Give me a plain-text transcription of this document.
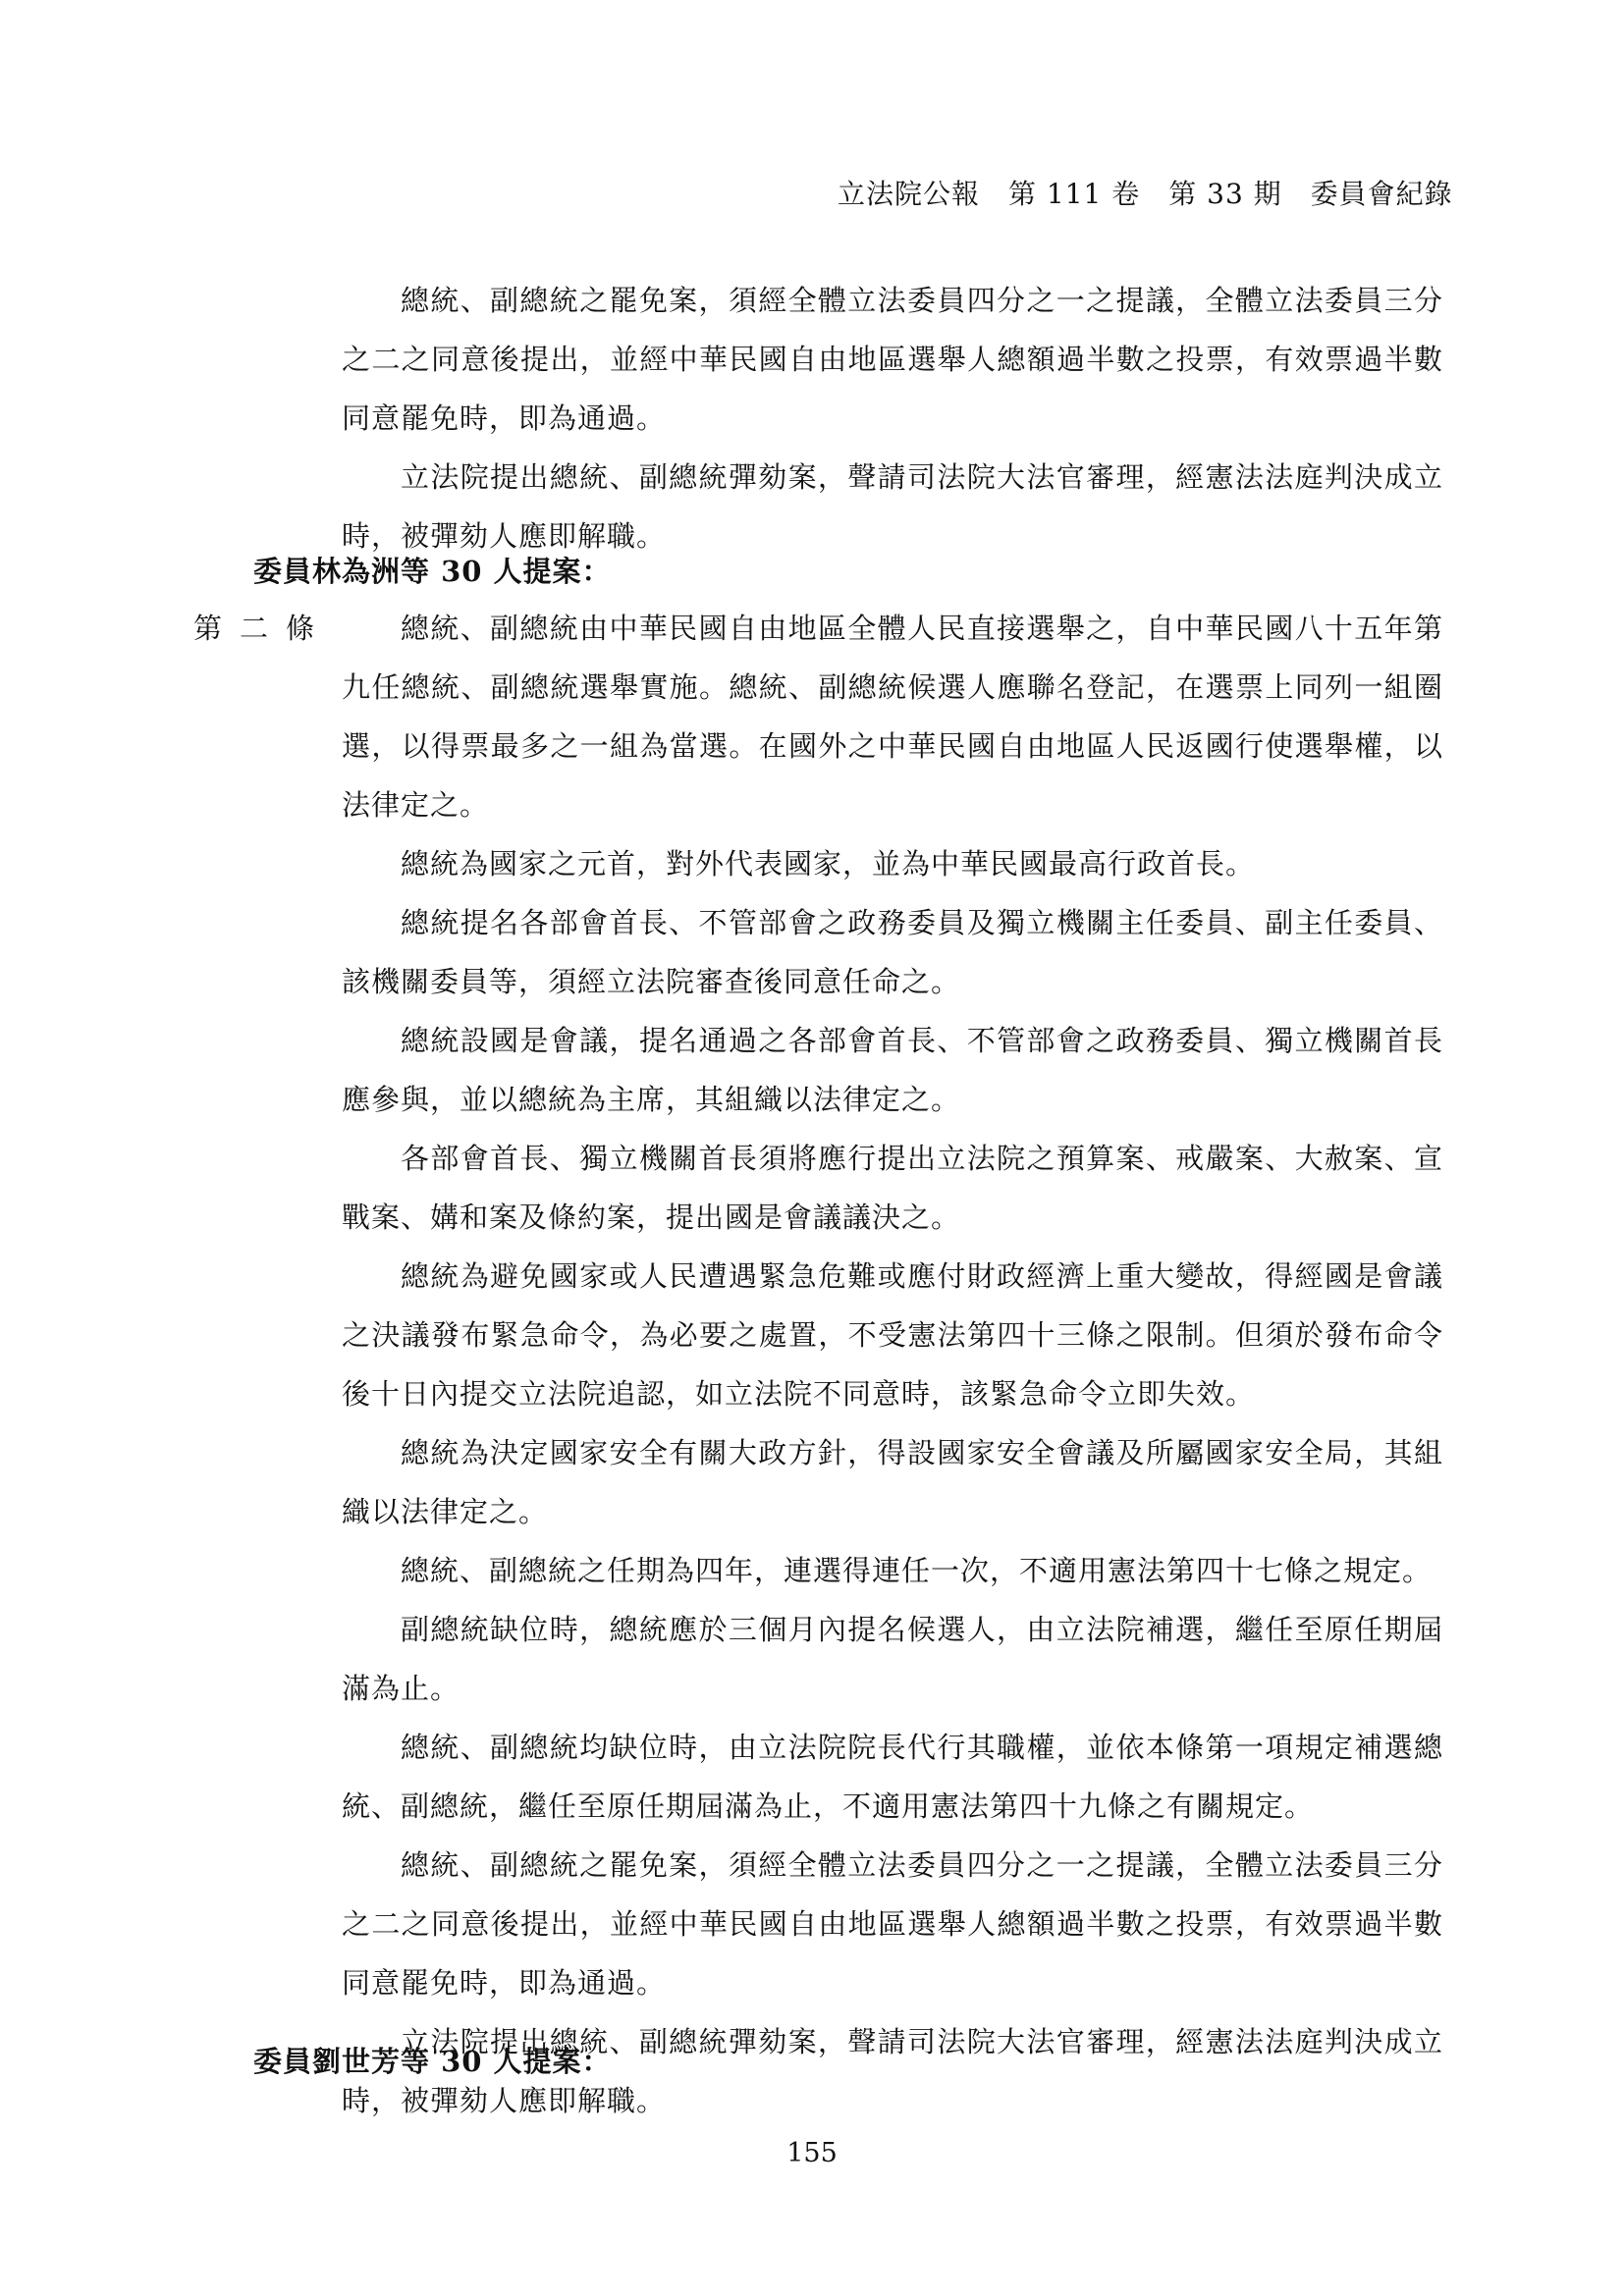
立法院公報　第 111 卷　第 33 期　委員會紀錄

總統、副總統之罷免案，須經全體立法委員四分之一之提議，全體立法委員三分之二之同意後提出，並經中華民國自由地區選舉人總額過半數之投票，有效票過半數同意罷免時，即為通過。

立法院提出總統、副總統彈劾案，聲請司法院大法官審理，經憲法法庭判決成立時，被彈劾人應即解職。

委員林為洲等 30 人提案：
第二條	總統、副總統由中華民國自由地區全體人民直接選舉之，自中華民國八十五年第九任總統、副總統選舉實施。總統、副總統候選人應聯名登記，在選票上同列一組圈選，以得票最多之一組為當選。在國外之中華民國自由地區人民返國行使選舉權，以法律定之。

總統為國家之元首，對外代表國家，並為中華民國最高行政首長。

總統提名各部會首長、不管部會之政務委員及獨立機關主任委員、副主任委員、該機關委員等，須經立法院審查後同意任命之。

總統設國是會議，提名通過之各部會首長、不管部會之政務委員、獨立機關首長應參與，並以總統為主席，其組織以法律定之。

各部會首長、獨立機關首長須將應行提出立法院之預算案、戒嚴案、大赦案、宣戰案、媾和案及條約案，提出國是會議議決之。

總統為避免國家或人民遭遇緊急危難或應付財政經濟上重大變故，得經國是會議之決議發布緊急命令，為必要之處置，不受憲法第四十三條之限制。但須於發布命令後十日內提交立法院追認，如立法院不同意時，該緊急命令立即失效。

總統為決定國家安全有關大政方針，得設國家安全會議及所屬國家安全局，其組織以法律定之。

總統、副總統之任期為四年，連選得連任一次，不適用憲法第四十七條之規定。

副總統缺位時，總統應於三個月內提名候選人，由立法院補選，繼任至原任期屆滿為止。

總統、副總統均缺位時，由立法院院長代行其職權，並依本條第一項規定補選總統、副總統，繼任至原任期屆滿為止，不適用憲法第四十九條之有關規定。

總統、副總統之罷免案，須經全體立法委員四分之一之提議，全體立法委員三分之二之同意後提出，並經中華民國自由地區選舉人總額過半數之投票，有效票過半數同意罷免時，即為通過。

立法院提出總統、副總統彈劾案，聲請司法院大法官審理，經憲法法庭判決成立時，被彈劾人應即解職。

委員劉世芳等 30 人提案：
155
